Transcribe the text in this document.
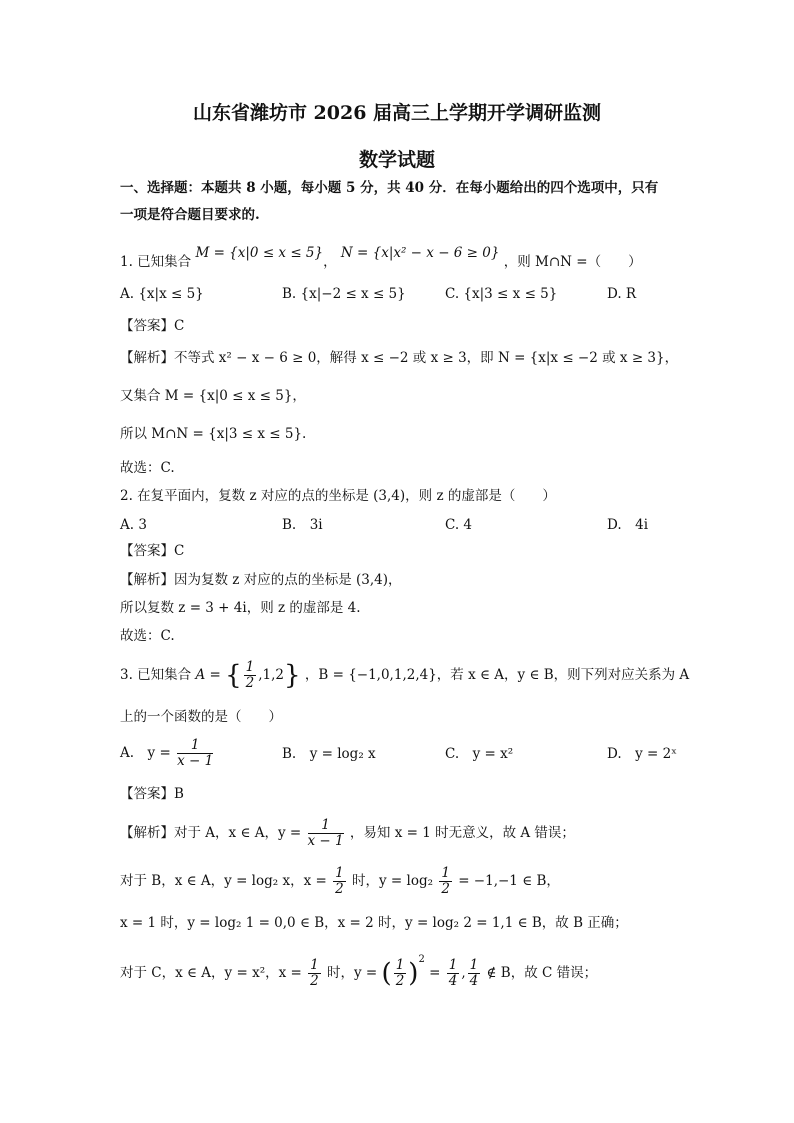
山东省潍坊市 2026 届高三上学期开学调研监测
数学试题
一、选择题：本题共 8 小题，每小题 5 分，共 40 分．在每小题给出的四个选项中，只有
一项是符合题目要求的.
1. 已知集合 M = {x|0 ≤ x ≤ 5}， N = {x|x² − x − 6 ≥ 0} ，则 M∩N =（　　）
A. {x|x ≤ 5}	B. {x|−2 ≤ x ≤ 5}	C. {x|3 ≤ x ≤ 5}	D. R
【答案】C
【解析】不等式 x² − x − 6 ≥ 0，解得 x ≤ −2 或 x ≥ 3，即 N = {x|x ≤ −2 或 x ≥ 3}，
又集合 M = {x|0 ≤ x ≤ 5}，
所以 M∩N = {x|3 ≤ x ≤ 5}.
故选：C.
2. 在复平面内，复数 z 对应的点的坐标是 (3,4)，则 z 的虚部是（　　）
A. 3	B.　3i	C. 4	D.　4i
【答案】C
【解析】因为复数 z 对应的点的坐标是 (3,4)，
所以复数 z = 3 + 4i，则 z 的虚部是 4.
故选：C.
3. 已知集合 A = { $\frac{1}{2} ,1,2$} ，B = {−1,0,1,2,4}，若 x ∈ A，y ∈ B，则下列对应关系为 A
上的一个函数的是（　　）
A.　$y = \frac{1}{x - 1}$	B.　y = log₂ x	C.　y = x²	D.　y = 2ˣ
【答案】B
【解析】对于 A，x ∈ A，$y = \frac{1}{x - 1}$ ，易知 x = 1 时无意义，故 A 错误；
对于 B，x ∈ A，y = log₂ x，$x = \frac{1}{2}$ 时，$y = \log_2 \frac{1}{2} = -1,-1$ ∈ B，
x = 1 时，y = log₂ 1 = 0,0 ∈ B，x = 2 时，y = log₂ 2 = 1,1 ∈ B，故 B 正确；
对于 C，x ∈ A，y = x²，$x = \frac{1}{2}$ 时，y = ( $\frac{1}{2} )^2 = \frac{1}{4}$ , $\frac{1}{4}$ ∉ B，故 C 错误；
